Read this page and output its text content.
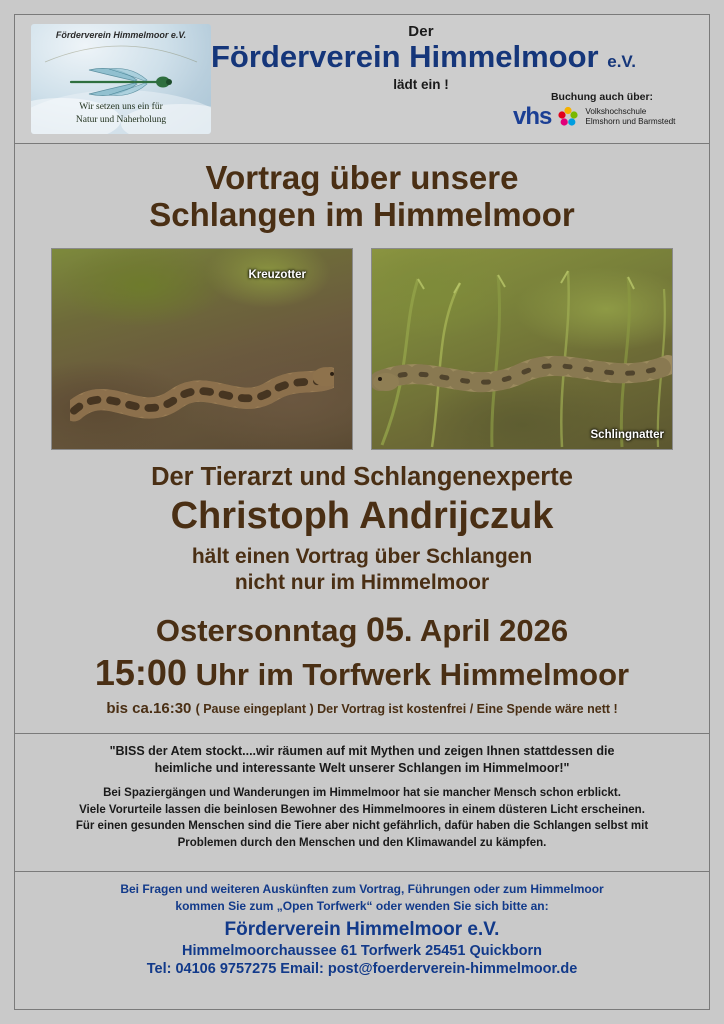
Förderverein Himmelmoor e.V.
Wir setzen uns ein für
Natur und Naherholung
Der
Förderverein Himmelmoor e.V.
lädt ein !
Buchung auch über:
vhs	Volkshochschule
Elmshorn und Barmstedt
Vortrag über unsere
Schlangen im Himmelmoor
Kreuzotter
Schlingnatter
Der Tierarzt und Schlangenexperte
Christoph Andrijczuk
hält einen Vortrag über Schlangen
nicht nur im Himmelmoor
Ostersonntag 05. April 2026
15:00 Uhr im Torfwerk Himmelmoor
bis ca.16:30 ( Pause eingeplant ) Der Vortrag ist kostenfrei / Eine Spende wäre nett !
"BISS der Atem stockt....wir räumen auf mit Mythen und zeigen Ihnen stattdessen die
heimliche und interessante Welt unserer Schlangen im Himmelmoor!"
Bei Spaziergängen und Wanderungen im Himmelmoor hat sie mancher Mensch schon erblickt.
Viele Vorurteile lassen die beinlosen Bewohner des Himmelmoores in einem düsteren Licht erscheinen.
Für einen gesunden Menschen sind die Tiere aber nicht gefährlich, dafür haben die Schlangen selbst mit
Problemen durch den Menschen und den Klimawandel zu kämpfen.
Bei Fragen und weiteren Auskünften zum Vortrag, Führungen oder zum Himmelmoor
kommen Sie zum „Open Torfwerk“ oder wenden Sie sich bitte an:
Förderverein Himmelmoor e.V.
Himmelmoorchaussee 61 Torfwerk 25451 Quickborn
Tel: 04106 9757275 Email: post@foerderverein-himmelmoor.de
